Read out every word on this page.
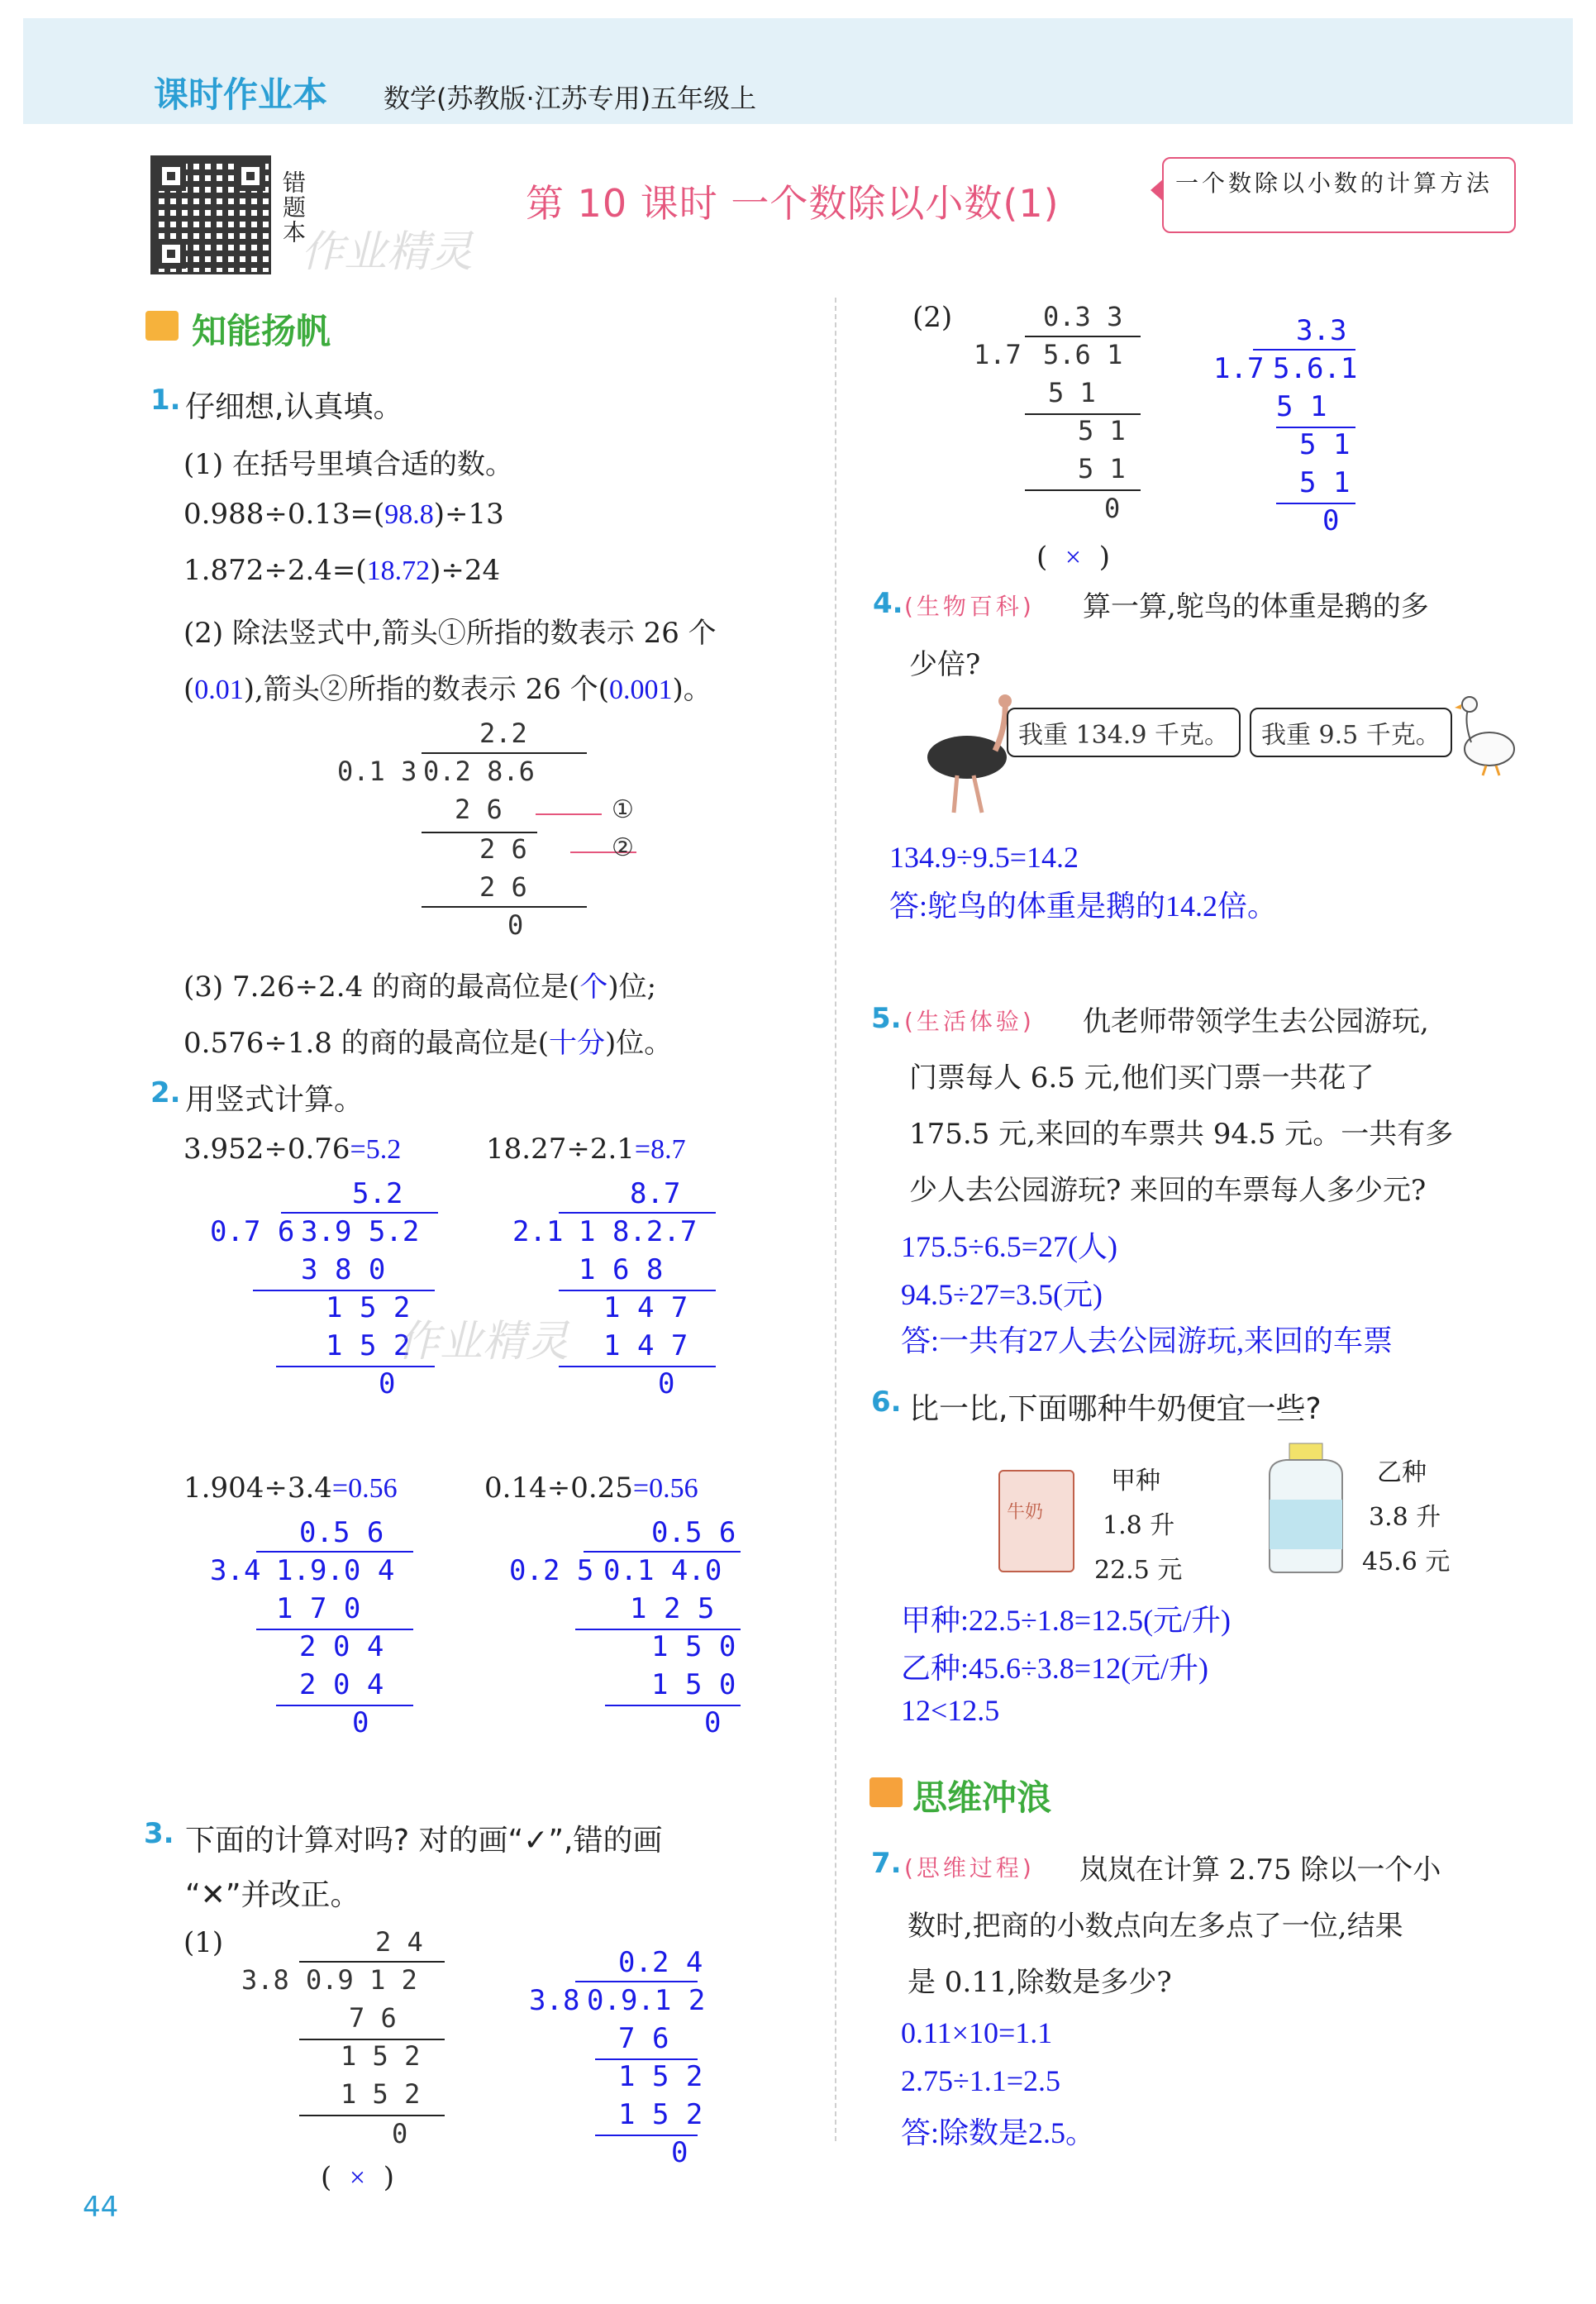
课时作业本 数学(苏教版·江苏专用)五年级上
错题本
作业精灵
第 10 课时 一个数除以小数(1)	一个数除以小数的计算方法
知能扬帆
1. 仔细想,认真填。
(1) 在括号里填合适的数。
0.988÷0.13=(98.8)÷13
1.872÷2.4=(18.72)÷24
(2) 除法竖式中,箭头①所指的数表示 26 个
(0.01),箭头②所指的数表示 26 个(0.001)。
2.2
0.1 3 0.2 8.6
2 6
2 6
2 6
0
①
②
(3) 7.26÷2.4 的商的最高位是(个)位;
0.576÷1.8 的商的最高位是(十分)位。
2. 用竖式计算。
3.952÷0.76=5.2	18.27÷2.1=8.7
5.2
0.7 6 3.9 5.2
3 8 0
1 5 2
1 5 2
0
8.7
2.1 1 8.2.7
1 6 8
1 4 7
1 4 7
0
作业精灵
1.904÷3.4=0.56	0.14÷0.25=0.56
0.5 6
3.4 1.9.0 4
1 7 0
2 0 4
2 0 4
0
0.5 6
0.2 5 0.1 4.0
1 2 5
1 5 0
1 5 0
0
3. 下面的计算对吗? 对的画“✓”,错的画
“✕”并改正。
(1)	2 4
3.8 0.9 1 2
7 6
1 5 2
1 5 2
0
(  ×  )
0.2 4
3.8 0.9.1 2
7 6
1 5 2
1 5 2
0
(2)	0.3 3
1.7 5.6 1
5 1
5 1
5 1
0
(  ×  )
3.3
1.7 5.6.1
5 1
5 1
5 1
0
4. (生物百科) 算一算,鸵鸟的体重是鹅的多
少倍?
我重 134.9 千克。	我重 9.5 千克。
134.9÷9.5=14.2
答:鸵鸟的体重是鹅的14.2倍。
5. (生活体验) 仇老师带领学生去公园游玩,
门票每人 6.5 元,他们买门票一共花了
175.5 元,来回的车票共 94.5 元。一共有多
少人去公园游玩? 来回的车票每人多少元?
175.5÷6.5=27(人)
94.5÷27=3.5(元)
答:一共有27人去公园游玩,来回的车票
6. 比一比,下面哪种牛奶便宜一些?
牛奶
甲种
1.8 升
22.5 元
乙种
3.8 升
45.6 元
甲种:22.5÷1.8=12.5(元/升)
乙种:45.6÷3.8=12(元/升)
12<12.5
思维冲浪
7. (思维过程) 岚岚在计算 2.75 除以一个小
数时,把商的小数点向左多点了一位,结果
是 0.11,除数是多少?
0.11×10=1.1
2.75÷1.1=2.5
答:除数是2.5。
44
